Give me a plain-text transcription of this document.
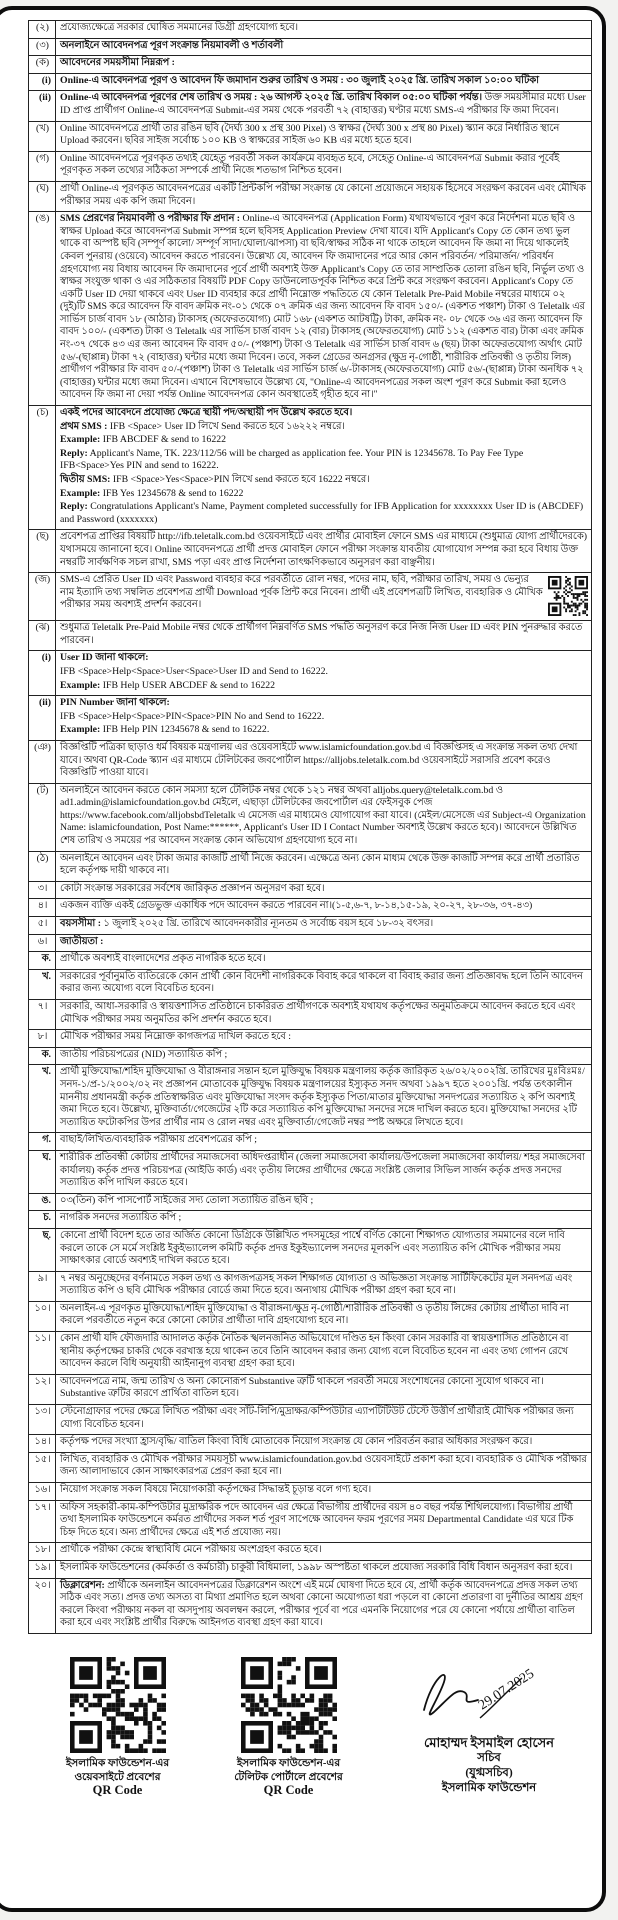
(২)	প্রযোজ্যক্ষেত্রে সরকার ঘোষিত সমমানের ডিগ্রী গ্রহণযোগ্য হবে।

(৩)	অনলাইনে আবেদনপত্র পূরণ সংক্রান্ত নিয়মাবলী ও শর্তাবলী

(ক)	আবেদনের সময়সীমা নিম্নরূপ :

(i) Online-এ আবেদনপত্র পূরণ ও আবেদন ফি জমাদান শুরুর তারিখ ও সময় : ৩০ জুলাই ২০২৫ খ্রি. তারিখ সকাল ১০:০০ ঘটিকা

(ii) Online-এ আবেদনপত্র পূরণের শেষ তারিখ ও সময় : ২৬ আগস্ট ২০২৫ খ্রি. তারিখ বিকাল ০৫:০০ ঘটিকা পর্যন্ত। উক্ত সময়সীমার মধ্যে User ID প্রাপ্ত প্রার্থীগণ Online-এ আবেদনপত্র Submit-এর সময় থেকে পরবর্তী ৭২ (বাহাত্তর) ঘণ্টার মধ্যে SMS-এ পরীক্ষার ফি জমা দিবেন।

(খ)	Online আবেদনপত্রে প্রার্থী তার রঙিন ছবি (দৈর্ঘ্য 300 x প্রস্থ 300 Pixel) ও স্বাক্ষর (দৈর্ঘ্য 300 x প্রস্থ 80 Pixel) স্ক্যান করে নির্ধারিত স্থানে Upload করবেন। ছবির সাইজ সর্বোচ্চ ১০০ KB ও স্বাক্ষরের সাইজ ৬০ KB এর মধ্যে হতে হবে।

(গ)	Online আবেদনপত্রে পূরণকৃত তথ্যই যেহেতু পরবর্তী সকল কার্যক্রমে ব্যবহৃত হবে, সেহেতু Online-এ আবেদনপত্র Submit করার পূর্বেই পূরণকৃত সকল তথ্যের সঠিকতা সম্পর্কে প্রার্থী নিজে শতভাগ নিশ্চিত হবেন।

(ঘ)	প্রার্থী Online-এ পূরণকৃত আবেদনপত্রের একটি প্রিন্টকপি পরীক্ষা সংক্রান্ত যে কোনো প্রয়োজনে সহায়ক হিসেবে সংরক্ষণ করবেন এবং মৌখিক পরীক্ষার সময় এক কপি জমা দিবেন।

(ঙ)	SMS প্রেরণের নিয়মাবলী ও পরীক্ষার ফি প্রদান : Online-এ আবেদনপত্র (Application Form) যথাযথভাবে পূরণ করে নির্দেশনা মতে ছবি ও স্বাক্ষর Upload করে আবেদনপত্র Submit সম্পন্ন হলে ছবিসহ Application Preview দেখা যাবে। যদি Applicant's Copy তে কোন তথ্য ভুল থাকে বা অস্পষ্ট ছবি (সম্পূর্ণ কালো/ সম্পূর্ণ সাদা/ঘোলা/ঝাপসা) বা ছবি/স্বাক্ষর সঠিক না থাকে তাহলে আবেদন ফি জমা না দিয়ে থাকলেই কেবল পুনরায় (ওয়েবে) আবেদন করতে পারবেন। উল্লেখ্য যে, আবেদন ফি জমাদানের পরে আর কোন পরিবর্তন/ পরিমার্জন/ পরিবর্ধন গ্রহণযোগ্য নয় বিধায় আবেদন ফি জমাদানের পূর্বে প্রার্থী অবশ্যই উক্ত Applicant's Copy তে তার সাম্প্রতিক তোলা রঙিন ছবি, নির্ভুল তথ্য ও স্বাক্ষর সংযুক্ত থাকা ও এর সঠিকতার বিষয়টি PDF Copy ডাউনলোডপূর্বক নিশ্চিত করে প্রিন্ট করে সংরক্ষণ করবেন। Applicant's Copy তে একটি User ID দেয়া থাকবে এবং User ID ব্যবহার করে প্রার্থী নিম্নোক্ত পদ্ধতিতে যে কোন Teletalk Pre-Paid Mobile নম্বরের মাধ্যমে ০২ (দুই)টি SMS করে আবেদন ফি বাবদ ক্রমিক নং-০১ থেকে ০৭ ক্রমিক এর জন্য আবেদন ফি বাবদ ১৫০/- (একশত পঞ্চাশ) টাকা ও Teletalk এর সার্ভিস চার্জ বাবদ ১৮ (আঠার) টাকাসহ (অফেরতযোগ্য) মোট ১৬৮ (একশত আটষট্টি) টাকা, ক্রমিক নং- ০৮ থেকে ৩৬ এর জন্য আবেদন ফি বাবদ ১০০/- (একশত) টাকা ও Teletalk এর সার্ভিস চার্জ বাবদ ১২ (বার) টাকাসহ (অফেরতযোগ্য) মোট ১১২ (একশত বার) টাকা এবং ক্রমিক নং-৩৭ থেকে ৪৩ এর জন্য আবেদন ফি বাবদ ৫০/- (পঞ্চাশ) টাকা ও Teletalk এর সার্ভিস চার্জ বাবদ ৬ (ছয়) টাকা অফেরতযোগ্য অর্থাৎ মোট ৫৬/-(ছাপ্পান্ন) টাকা ৭২ (বাহাত্তর) ঘন্টার মধ্যে জমা দিবেন। তবে, সকল গ্রেডের অনগ্রসর (ক্ষুদ্র নৃ-গোষ্ঠী, শারীরিক প্রতিবন্ধী ও তৃতীয় লিঙ্গ) প্রার্থীগণ পরীক্ষার ফি বাবদ ৫০/-(পঞ্চাশ) টাকা ও Teletalk এর সার্ভিস চার্জ ৬/-টাকাসহ (অফেরতযোগ্য) মোট ৫৬/-(ছাপ্পান্ন) টাকা অনধিক ৭২ (বাহাত্তর) ঘন্টার মধ্যে জমা দিবেন। এখানে বিশেষভাবে উল্লেখ্য যে, "Online-এ আবেদনপত্রের সকল অংশ পূরণ করে Submit করা হলেও আবেদন ফি জমা না দেয়া পর্যন্ত Online আবেদনপত্র কোন অবস্থাতেই গৃহীত হবে না।"

(চ)	একই পদের আবেদনে প্রযোজ্য ক্ষেত্রে স্থায়ী পদ/অস্থায়ী পদ উল্লেখ করতে হবে।

প্রথম SMS : IFB <Space> User ID লিখে Send করতে হবে ১৬২২২ নম্বরে।

Example: IFB ABCDEF & send to 16222

Reply: Applicant's Name, TK. 223/112/56 will be charged as application fee. Your PIN is 12345678. To Pay Fee Type IFB<Space>Yes PIN and send to 16222.

দ্বিতীয় SMS: IFB <Space>Yes<Space>PIN লিখে send করতে হবে 16222 নম্বরে।

Example: IFB Yes 12345678 & send to 16222

Reply: Congratulations Applicant's Name, Payment completed successfully for IFB Application for xxxxxxxx User ID is (ABCDEF) and Password (xxxxxxx)

(ছ)	প্রবেশপত্র প্রাপ্তির বিষয়টি http://ifb.teletalk.com.bd ওয়েবসাইটে এবং প্রার্থীর মোবাইল ফোনে SMS এর মাধ্যমে (শুধুমাত্র যোগ্য প্রার্থীদেরকে) যথাসময়ে জানানো হবে। Online আবেদনপত্রে প্রার্থী প্রদত্ত মোবাইল ফোনে পরীক্ষা সংক্রান্ত যাবতীয় যোগাযোগ সম্পন্ন করা হবে বিধায় উক্ত নম্বরটি সার্বক্ষণিক সচল রাখা, SMS পড়া এবং প্রাপ্ত নির্দেশনা তাৎক্ষণিকভাবে অনুসরণ করা বাঞ্ছনীয়।

(জ)	SMS-এ প্রেরিত User ID এবং Password ব্যবহার করে পরবর্তীতে রোল নম্বর, পদের নাম, ছবি, পরীক্ষার তারিখ, সময় ও ভেন্যুর নাম ইত্যাদি তথ্য সম্বলিত প্রবেশপত্র প্রার্থী Download পূর্বক প্রিন্ট করে নিবেন। প্রার্থী এই প্রবেশপত্রটি লিখিত, ব্যবহারিক ও মৌখিক পরীক্ষার সময় অবশ্যই প্রদর্শন করবেন।

(ঝ)	শুধুমাত্র Teletalk Pre-Paid Mobile নম্বর থেকে প্রার্থীগণ নিম্নবর্ণিত SMS পদ্ধতি অনুসরণ করে নিজ নিজ User ID এবং PIN পুনরুদ্ধার করতে পারবেন।

(i) User ID জানা থাকলে:

IFB <Space>Help<Space>User<Space>User ID and Send to 16222.

Example: IFB Help USER ABCDEF & send to 16222

(ii) PIN Number জানা থাকলে:

IFB <Space>Help<Space>PIN<Space>PIN No and Send to 16222.

Example: IFB Help PIN 12345678 & send to 16222.

(ঞ) বিজ্ঞপ্তিটি পত্রিকা ছাড়াও ধর্ম বিষয়ক মন্ত্রণালয় এর ওয়েবসাইটে www.islamicfoundation.gov.bd এ বিজ্ঞপ্তিসহ এ সংক্রান্ত সকল তথ্য দেখা যাবে। অথবা QR-Code স্ক্যান এর মাধ্যমে টেলিটকের জবপোর্টাল https://alljobs.teletalk.com.bd ওয়েবসাইটে সরাসরি প্রবেশ করেও বিজ্ঞপ্তিটি পাওয়া যাবে।

(ট)	অনলাইনে আবেদন করতে কোন সমস্যা হলে টেলিটক নম্বর থেকে ১২১ নম্বর অথবা alljobs.query@teletalk.com.bd ও ad1.admin@islamicfoundation.gov.bd মেইলে, এছাড়া টেলিটকের জবপোর্টাল এর ফেইসবুক পেজ https://www.facebook.com/alljobsbdTeletalk এ মেসেজ এর মাধ্যমেও যোগাযোগ করা যাবে। (মেইল/মেসেজে এর Subject-এ Organization Name: islamicfoundation, Post Name:******, Applicant's User ID I Contact Number অবশ্যই উল্লেখ করতে হবে)। আবেদনে উল্লিখিত শেষ তারিখ ও সময়ের পর আবেদন সংক্রান্ত কোন অভিযোগ গ্রহণযোগ্য হবে না।

(ঠ)	অনলাইনে আবেদন এবং টাকা জমার কাজটি প্রার্থী নিজে করবেন। এক্ষেত্রে অন্য কোন মাধ্যম থেকে উক্ত কাজটি সম্পন্ন করে প্রার্থী প্রতারিত হলে কর্তৃপক্ষ দায়ী থাকবে না।

৩।	কোটা সংক্রান্ত সরকারের সর্বশেষ জারিকৃত প্রজ্ঞাপন অনুসরণ করা হবে।

৪।	একজন ব্যক্তি একই গ্রেডভুক্ত একাধিক পদে আবেদন করতে পারবেন না।(১-৫,৬-৭, ৮-১৪,১৫-১৯, ২০-২৭, ২৮-৩৬, ৩৭-৪৩)

৫।	বয়সসীমা : ১ জুলাই ২০২৫ খ্রি. তারিখে আবেদনকারীর ন্যূনতম ও সর্বোচ্চ বয়স হবে ১৮-৩২ বৎসর।

৬।	জাতীয়তা :

ক. প্রার্থীকে অবশ্যই বাংলাদেশের প্রকৃত নাগরিক হতে হবে।

খ. সরকারের পূর্বানুমতি ব্যতিরেকে কোন প্রার্থী কোন বিদেশী নাগরিককে বিবাহ করে থাকলে বা বিবাহ করার জন্য প্রতিজ্ঞাবদ্ধ হলে তিনি আবেদন করার জন্য অযোগ্য বলে বিবেচিত হবেন।

৭।	সরকারি, আধা-সরকারি ও স্বায়ত্তশাসিত প্রতিষ্ঠানে চাকরিরত প্রার্থীগণকে অবশ্যই যথাযথ কর্তৃপক্ষের অনুমতিক্রমে আবেদন করতে হবে এবং মৌখিক পরীক্ষার সময় অনুমতির কপি প্রদর্শন করতে হবে।

৮।	মৌখিক পরীক্ষার সময় নিম্নোক্ত কাগজপত্র দাখিল করতে হবে :

ক. জাতীয় পরিচয়পত্রের (NID) সত্যায়িত কপি ;

খ. প্রার্থী মুক্তিযোদ্ধা/শহিদ মুক্তিযোদ্ধা ও বীরাঙ্গনার সন্তান হলে মুক্তিযুদ্ধ বিষয়ক মন্ত্রণালয় কর্তৃক জারিকৃত ২৬/০২/২০০২খ্রি. তারিখের মুঃবিঃমঃ/সনদ-১/প্র-১/২০০২/০২ নং প্রজ্ঞাপন মোতাবেক মুক্তিযুদ্ধ বিষয়ক মন্ত্রণালয়ের ইস্যুকৃত সনদ অথবা ১৯৯৭ হতে ২০০১খ্রি. পর্যন্ত তৎকালীন মাননীয় প্রধানমন্ত্রী কর্তৃক প্রতিস্বাক্ষরিত এবং মুক্তিযোদ্ধা সংসদ কর্তৃক ইস্যুকৃত পিতা/মাতার মুক্তিযোদ্ধা সনদপত্রের সত্যায়িত ২ কপি অবশ্যই জমা দিতে হবে। উল্লেখ্য, মুক্তিবার্তা/গেজেটের ২টি করে সত্যায়িত কপি মুক্তিযোদ্ধা সনদের সঙ্গে দাখিল করতে হবে। মুক্তিযোদ্ধা সনদের ২টি সত্যায়িত ফটোকপির উপর প্রার্থীর নাম ও রোল নম্বর এবং মুক্তিবার্তা/গেজেট নম্বর স্পষ্ট অক্ষরে লিখতে হবে।

গ. বাছাই/লিখিত/ব্যবহারিক পরীক্ষায় প্রবেশপত্রের কপি ;

ঘ. শারীরিক প্রতিবন্ধী কোটায় প্রার্থীদের সমাজসেবা অধিদপ্তরাধীন (জেলা সমাজসেবা কার্যালয়/উপজেলা সমাজসেবা কার্যালয়/ শহর সমাজসেবা কার্যালয়) কর্তৃক প্রদত্ত পরিচয়পত্র (আইডি কার্ড) এবং তৃতীয় লিঙ্গের প্রার্থীদের ক্ষেত্রে সংশ্লিষ্ট জেলার সিভিল সার্জন কর্তৃক প্রদত্ত সনদের সত্যায়িত কপি দাখিল করতে হবে।

ঙ. ০৩(তিন) কপি পাসপোর্ট সাইজের সদ্য তোলা সত্যায়িত রঙিন ছবি ;

চ. নাগরিক সনদের সত্যায়িত কপি ;

ছ. কোনো প্রার্থী বিদেশ হতে তার অর্জিত কোনো ডিগ্রিকে উল্লিখিত পদসমূহের পার্শ্বে বর্ণিত কোনো শিক্ষাগত যোগ্যতার সমমানের বলে দাবি করলে তাকে সে মর্মে সংশ্লিষ্ট ইকুইভ্যালেন্স কমিটি কর্তৃক প্রদত্ত ইকুইভ্যালেন্স সনদের মূলকপি এবং সত্যায়িত কপি মৌখিক পরীক্ষার সময় সাক্ষাৎকার বোর্ডে অবশ্যই দাখিল করতে হবে।

৯।	৭ নম্বর অনুচ্ছেদের বর্ণনামতে সকল তথ্য ও কাগজপত্রসহ সকল শিক্ষাগত যোগ্যতা ও অভিজ্ঞতা সংক্রান্ত সার্টিফিকেটের মূল সনদপত্র এবং সত্যায়িত কপি ও ছবি মৌখিক পরীক্ষার বোর্ডে জমা দিতে হবে। অন্যথায় মৌখিক পরীক্ষা গ্রহণ করা হবে না।

১০। অনলাইন-এ পূরণকৃত মুক্তিযোদ্ধা/শহিদ মুক্তিযোদ্ধা ও বীরাঙ্গনা/ক্ষুদ্র নৃ-গোষ্ঠী/শারীরিক প্রতিবন্ধী ও তৃতীয় লিঙ্গের কোটায় প্রার্থীতা দাবি না করলে পরবর্তীতে নতুন করে কোনো কোটার প্রার্থীতা দাবি গ্রহণযোগ্য হবে না।

১১। কোন প্রার্থী যদি ফৌজদারি আদালত কর্তৃক নৈতিক স্খলনজনিত অভিযোগে দণ্ডিত হন কিংবা কোন সরকারি বা স্বায়ত্তশাসিত প্রতিষ্ঠানে বা স্থানীয় কর্তৃপক্ষের চাকরি থেকে বরখাস্ত হয়ে থাকেন তবে তিনি আবেদন করার জন্য যোগ্য বলে বিবেচিত হবেন না এবং তথ্য গোপন রেখে আবেদন করলে বিধি অনুযায়ী আইনানুগ ব্যবস্থা গ্রহণ করা হবে।

১২। আবেদনপত্রে নাম, জন্ম তারিখ ও অন্য কোনোরূপ Substantive ত্রুটি থাকলে পরবর্তী সময়ে সংশোধনের কোনো সুযোগ থাকবে না। Substantive ত্রুটির কারণে প্রার্থিতা বাতিল হবে।

১৩। স্টেনোগ্রাফার পদের ক্ষেত্রে লিখিত পরীক্ষা এবং সাঁট-লিপি/মুদ্রাক্ষর/কম্পিউটার এ্যাপটিটিউট টেস্টে উত্তীর্ণ প্রার্থীরাই মৌখিক পরীক্ষার জন্য যোগ্য বিবেচিত হবেন।

১৪। কর্তৃপক্ষ পদের সংখ্যা হ্রাস/বৃদ্ধি/ বাতিল কিংবা বিধি মোতাবেক নিয়োগ সংক্রান্ত যে কোন পরিবর্তন করার অধিকার সংরক্ষণ করে।

১৫। লিখিত, ব্যবহারিক ও মৌখিক পরীক্ষার সময়সূচী www.islamicfoundation.gov.bd ওয়েবসাইটে প্রকাশ করা হবে। ব্যবহারিক ও মৌখিক পরীক্ষার জন্য আলাদাভাবে কোন সাক্ষাৎকারপত্র প্রেরণ করা হবে না।

১৬। নিয়োগ সংক্রান্ত সকল বিষয়ে নিয়োগকারী কর্তৃপক্ষের সিদ্ধান্তই চূড়ান্ত বলে গণ্য হবে।

১৭। অফিস সহকারী-কাম-কম্পিউটার মুদ্রাক্ষরিক পদে আবেদন এর ক্ষেত্রে বিভাগীয় প্রার্থীদের বয়স ৪০ বছর পর্যন্ত শিথিলযোগ্য। বিভাগীয় প্রার্থী তথা ইসলামিক ফাউন্ডেশনে কর্মরত প্রার্থীদের সকল শর্ত পূরণ সাপেক্ষে আবেদন ফরম পূরণের সময় Departmental Candidate এর ঘরে টিক চিহ্ন দিতে হবে। অন্য প্রার্থীদের ক্ষেত্রে এই শর্ত প্রযোজ্য নয়।

১৮। প্রার্থীকে পরীক্ষা কেন্দ্রে স্বাস্থ্যবিধি মেনে পরীক্ষায় অংশগ্রহণ করতে হবে।

১৯। ইসলামিক ফাউন্ডেশনের (কর্মকর্তা ও কর্মচারী) চাকুরী বিধিমালা, ১৯৯৮ অস্পষ্টতা থাকলে প্রযোজ্য সরকারি বিধি বিধান অনুসরণ করা হবে।

২০। ডিক্লারেশন: প্রার্থীকে অনলাইন আবেদনপত্রের ডিক্লারেশন অংশে এই মর্মে ঘোষণা দিতে হবে যে, প্রার্থী কর্তৃক আবেদনপত্রে প্রদত্ত সকল তথ্য সঠিক এবং সত্য। প্রদত্ত তথ্য অসত্য বা মিথ্যা প্রমাণিত হলে অথবা কোনো অযোগ্যতা ধরা পড়লে বা কোনো প্রতারণা বা দুর্নীতির আশ্রয় গ্রহণ করলে কিংবা পরীক্ষায় নকল বা অসদুপায় অবলম্বন করলে, পরীক্ষার পূর্বে বা পরে এমনকি নিয়োগের পরে যে কোনো পর্যায়ে প্রার্থীতা বাতিল করা হবে এবং সংশ্লিষ্ট প্রার্থীর বিরুদ্ধে আইনগত ব্যবস্থা গ্রহণ করা যাবে।

ইসলামিক ফাউন্ডেশন-এর
ওয়েবসাইটে প্রবেশের
QR Code
ইসলামিক ফাউন্ডেশন-এর
টেলিটক পোর্টালে প্রবেশের
QR Code
29.07.2025
মোহাম্মদ ইসমাইল হোসেন
সচিব
(যুগ্মসচিব)
ইসলামিক ফাউন্ডেশন
